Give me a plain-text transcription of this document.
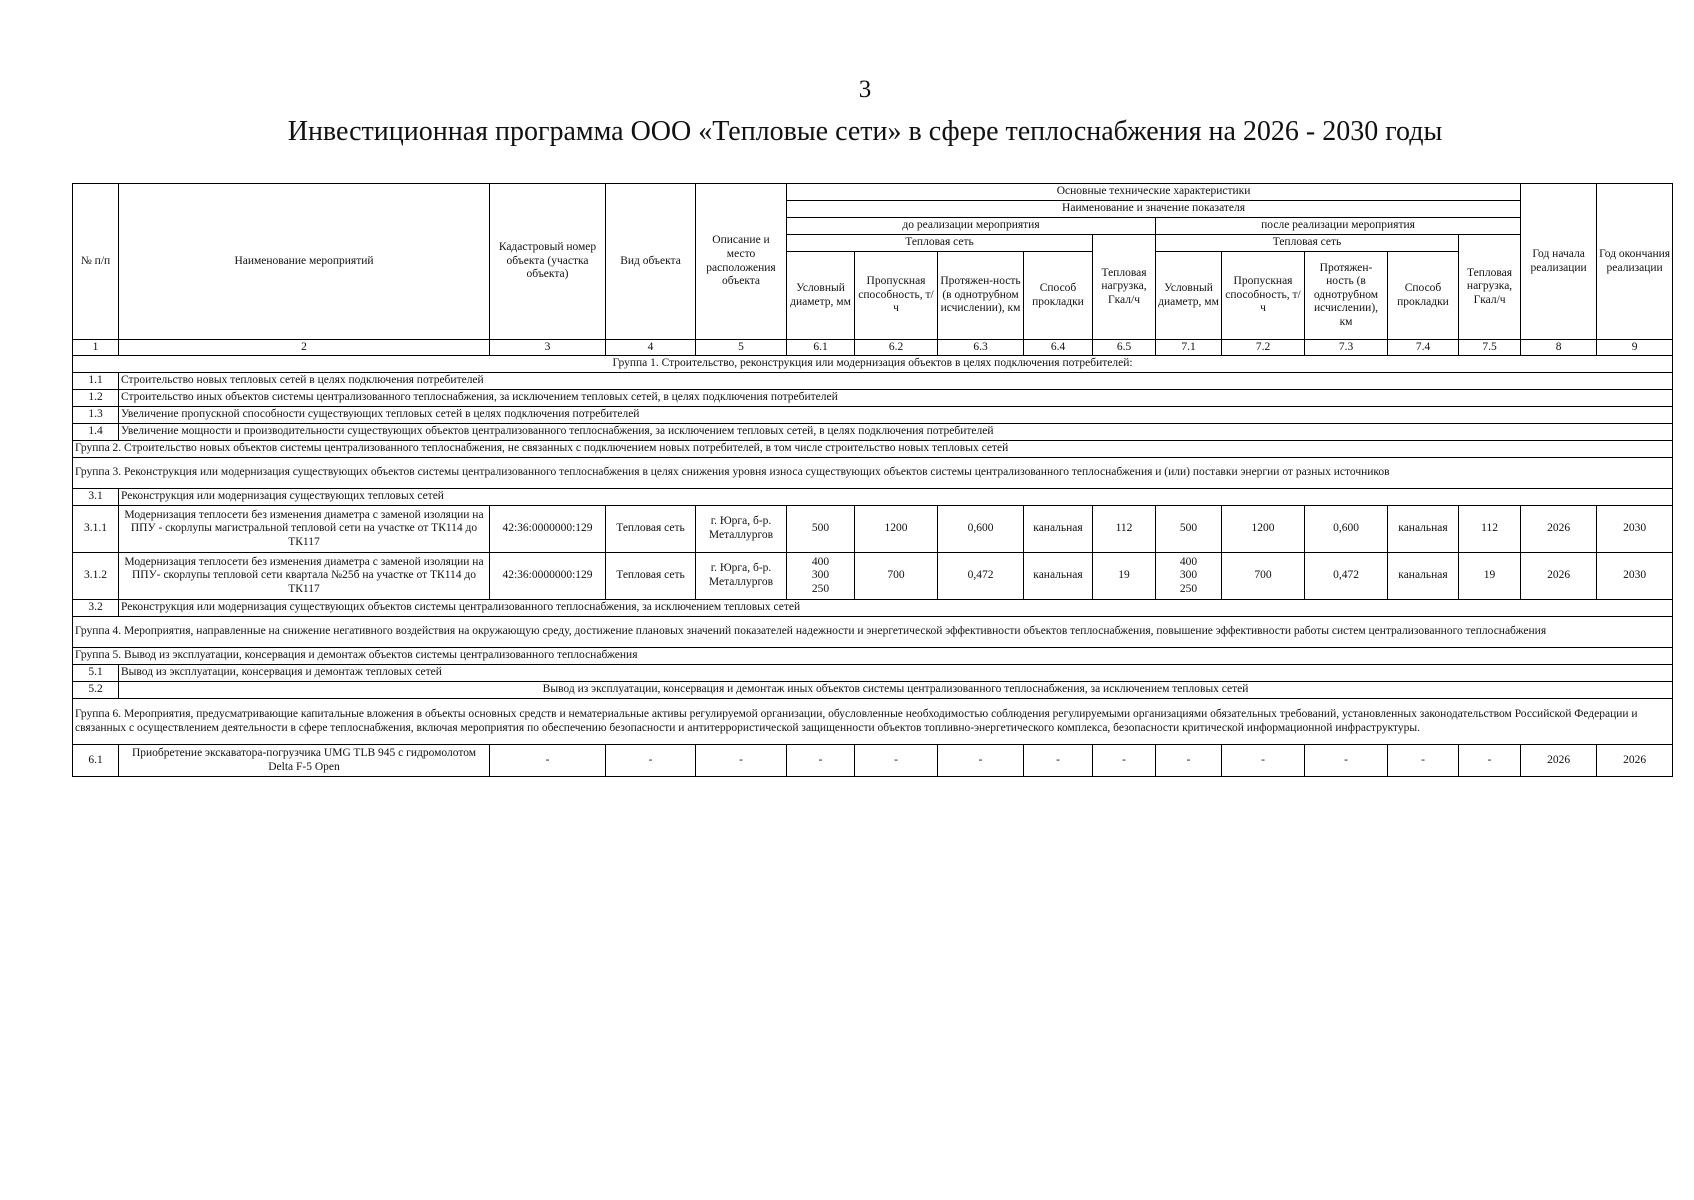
3
Инвестиционная программа ООО «Тепловые сети» в сфере теплоснабжения на 2026 - 2030 годы
№ п/п	Наименование мероприятий	Кадастровый номер объекта (участка объекта)	Вид объекта	Описание и место расположения объекта	Основные технические характеристики										Год начала реализации	Год окончания реализации
					Наименование и значение показателя											
					до реализации мероприятия					после реализации мероприятия						
					Тепловая сеть				Тепловая нагрузка, Гкал/ч	Тепловая сеть				Тепловая нагрузка, Гкал/ч		
					Условный диаметр, мм	Пропускная способность, т/ч	Протяжен-ность (в однотрубном исчислении), км	Способ прокладки		Условный диаметр, мм	Пропускная способность, т/ч	Протяжен-ность (в однотрубном исчислении), км	Способ прокладки			
1	2	3	4	5	6.1	6.2	6.3	6.4	6.5	7.1	7.2	7.3	7.4	7.5	8	9
Группа 1. Строительство, реконструкция или модернизация объектов в целях подключения потребителей:																
1.1	Строительство новых тепловых сетей в целях подключения потребителей															
1.2	Строительство иных объектов системы централизованного теплоснабжения, за исключением тепловых сетей, в целях подключения потребителей															
1.3	Увеличение пропускной способности существующих тепловых сетей в целях подключения потребителей															
1.4	Увеличение мощности и производительности существующих объектов централизованного теплоснабжения, за исключением тепловых сетей, в целях подключения потребителей															
Группа 2. Строительство новых объектов системы централизованного теплоснабжения, не связанных с подключением новых потребителей, в том числе строительство новых тепловых сетей																
Группа 3. Реконструкция или модернизация существующих объектов системы централизованного теплоснабжения в целях снижения уровня износа существующих объектов системы централизованного теплоснабжения и (или) поставки энергии от разных источников																
3.1	Реконструкция или модернизация существующих тепловых сетей															
3.1.1	Модернизация теплосети без изменения диаметра с заменой изоляции на ППУ - скорлупы магистральной тепловой сети на участке от ТК114 до ТК117	42:36:0000000:129	Тепловая сеть	г. Юрга, б-р. Металлургов	500	1200	0,600	канальная	112	500	1200	0,600	канальная	112	2026	2030
3.1.2	Модернизация теплосети без изменения диаметра с заменой изоляции на ППУ- скорлупы тепловой сети квартала №25б на участке от ТК114 до ТК117	42:36:0000000:129	Тепловая сеть	г. Юрга, б-р. Металлургов	400
300
250	700	0,472	канальная	19	400
300
250	700	0,472	канальная	19	2026	2030
3.2	Реконструкция или модернизация существующих объектов системы централизованного теплоснабжения, за исключением тепловых сетей															
Группа 4. Мероприятия, направленные на снижение негативного воздействия на окружающую среду, достижение плановых значений показателей надежности и энергетической эффективности объектов теплоснабжения, повышение эффективности работы систем централизованного теплоснабжения																
Группа 5. Вывод из эксплуатации, консервация и демонтаж объектов системы централизованного теплоснабжения																
5.1	Вывод из эксплуатации, консервация и демонтаж тепловых сетей															
5.2	Вывод из эксплуатации, консервация и демонтаж иных объектов системы централизованного теплоснабжения, за исключением тепловых сетей															
Группа 6. Мероприятия, предусматривающие капитальные вложения в объекты основных средств и нематериальные активы регулируемой организации, обусловленные необходимостью соблюдения регулируемыми организациями обязательных требований, установленных законодательством Российской Федерации и связанных с осуществлением деятельности в сфере теплоснабжения, включая мероприятия по обеспечению безопасности и антитеррористической защищенности объектов топливно-энергетического комплекса, безопасности критической информационной инфраструктуры.																
6.1	Приобретение экскаватора-погрузчика UMG TLB 945 с гидромолотом Delta F-5 Open	-	-	-	-	-	-	-	-	-	-	-	-	-	2026	2026
